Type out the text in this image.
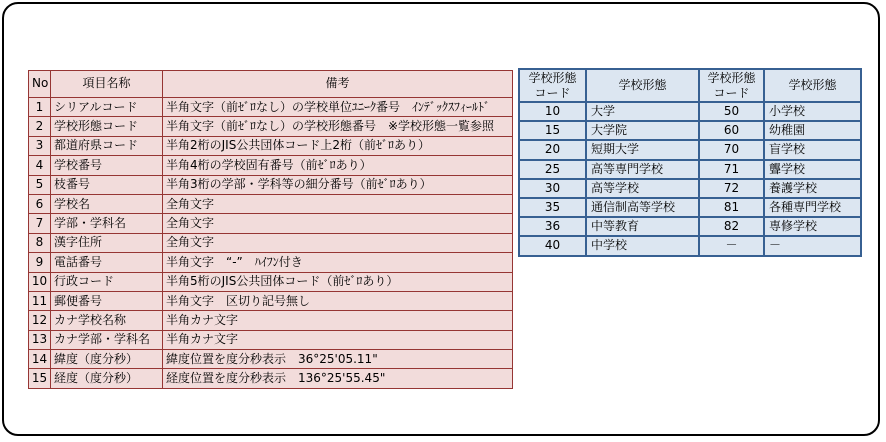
No	項目名称	備考
1	シリアルコード	半角文字（前ｾﾞﾛなし）の学校単位ﾕﾆｰｸ番号　ｲﾝﾃﾞｯｸｽﾌｨｰﾙﾄﾞ
2	学校形態コード	半角文字（前ｾﾞﾛなし）の学校形態番号　※学校形態一覧参照
3	都道府県コード	半角2桁のJIS公共団体コード上2桁（前ｾﾞﾛあり）
4	学校番号	半角4桁の学校固有番号（前ｾﾞﾛあり）
5	枝番号	半角3桁の学部・学科等の細分番号（前ｾﾞﾛあり）
6	学校名	全角文字
7	学部・学科名	全角文字
8	漢字住所	全角文字
9	電話番号	半角文字　“-”　ﾊｲﾌﾝ付き
10	行政コード	半角5桁のJIS公共団体コード（前ｾﾞﾛあり）
11	郵便番号	半角文字　区切り記号無し
12	カナ学校名称	半角カナ文字
13	カナ学部・学科名	半角カナ文字
14	緯度（度分秒）	緯度位置を度分秒表示　36°25'05.11"
15	経度（度分秒）	経度位置を度分秒表示　136°25'55.45"
学校形態コード	学校形態	学校形態コード	学校形態
10	大学	50	小学校
15	大学院	60	幼稚園
20	短期大学	70	盲学校
25	高等専門学校	71	聾学校
30	高等学校	72	養護学校
35	通信制高等学校	81	各種専門学校
36	中等教育	82	専修学校
40	中学校	－	－
